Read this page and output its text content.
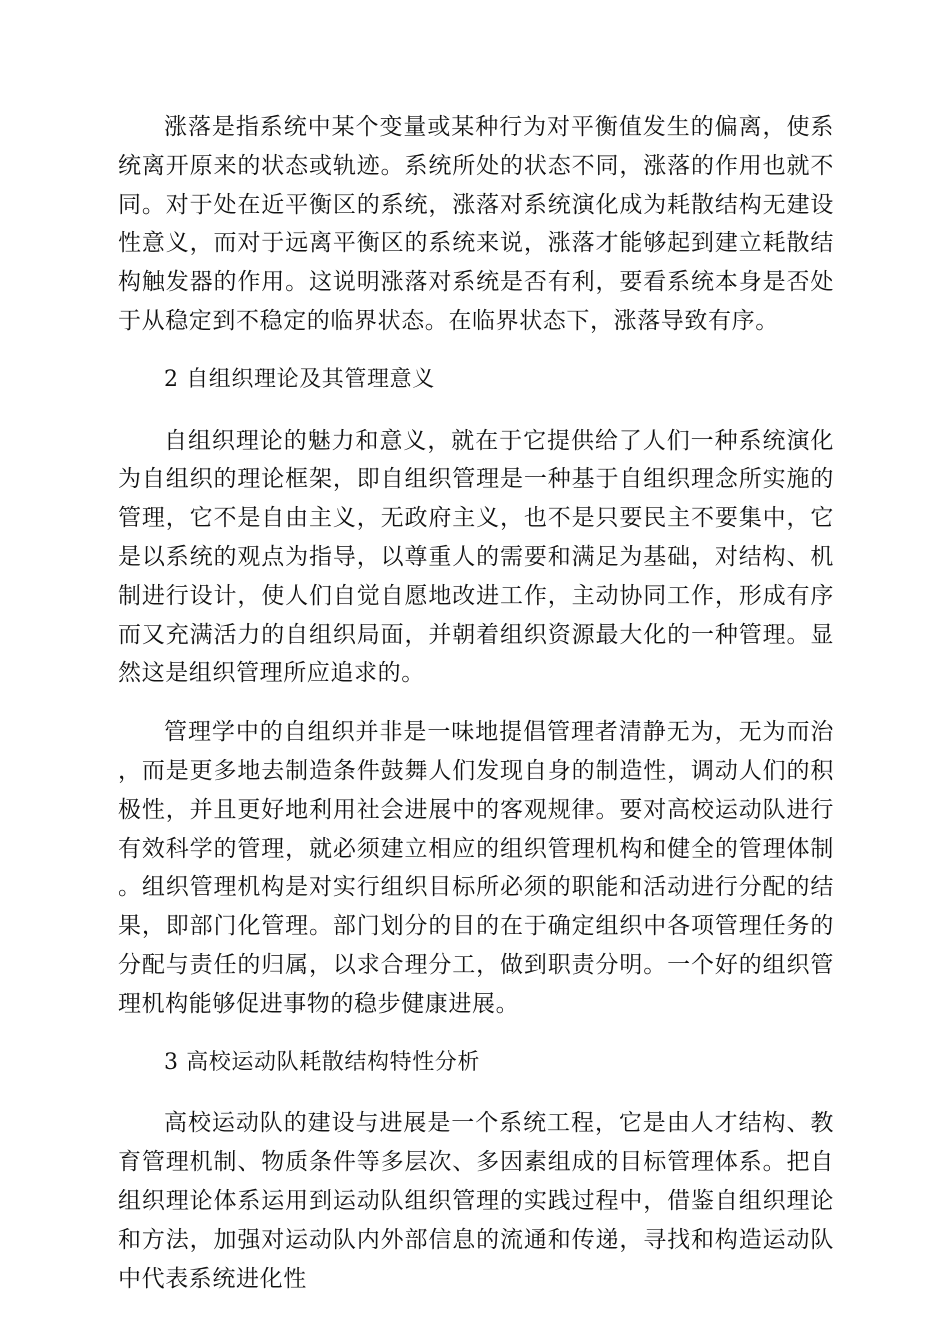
涨落是指系统中某个变量或某种行为对平衡值发生的偏离，使系统离开原来的状态或轨迹。系统所处的状态不同，涨落的作用也就不同。对于处在近平衡区的系统，涨落对系统演化成为耗散结构无建设性意义，而对于远离平衡区的系统来说，涨落才能够起到建立耗散结构触发器的作用。这说明涨落对系统是否有利，要看系统本身是否处于从稳定到不稳定的临界状态。在临界状态下，涨落导致有序。

2 自组织理论及其管理意义

自组织理论的魅力和意义，就在于它提供给了人们一种系统演化为自组织的理论框架，即自组织管理是一种基于自组织理念所实施的管理，它不是自由主义，无政府主义，也不是只要民主不要集中，它是以系统的观点为指导，以尊重人的需要和满足为基础，对结构、机制进行设计，使人们自觉自愿地改进工作，主动协同工作，形成有序而又充满活力的自组织局面，并朝着组织资源最大化的一种管理。显然这是组织管理所应追求的。

管理学中的自组织并非是一味地提倡管理者清静无为，无为而治，而是更多地去制造条件鼓舞人们发现自身的制造性，调动人们的积极性，并且更好地利用社会进展中的客观规律。要对高校运动队进行有效科学的管理，就必须建立相应的组织管理机构和健全的管理体制。组织管理机构是对实行组织目标所必须的职能和活动进行分配的结果，即部门化管理。部门划分的目的在于确定组织中各项管理任务的分配与责任的归属，以求合理分工，做到职责分明。一个好的组织管理机构能够促进事物的稳步健康进展。

3 高校运动队耗散结构特性分析

高校运动队的建设与进展是一个系统工程，它是由人才结构、教育管理机制、物质条件等多层次、多因素组成的目标管理体系。把自组织理论体系运用到运动队组织管理的实践过程中，借鉴自组织理论和方法，加强对运动队内外部信息的流通和传递，寻找和构造运动队中代表系统进化性
